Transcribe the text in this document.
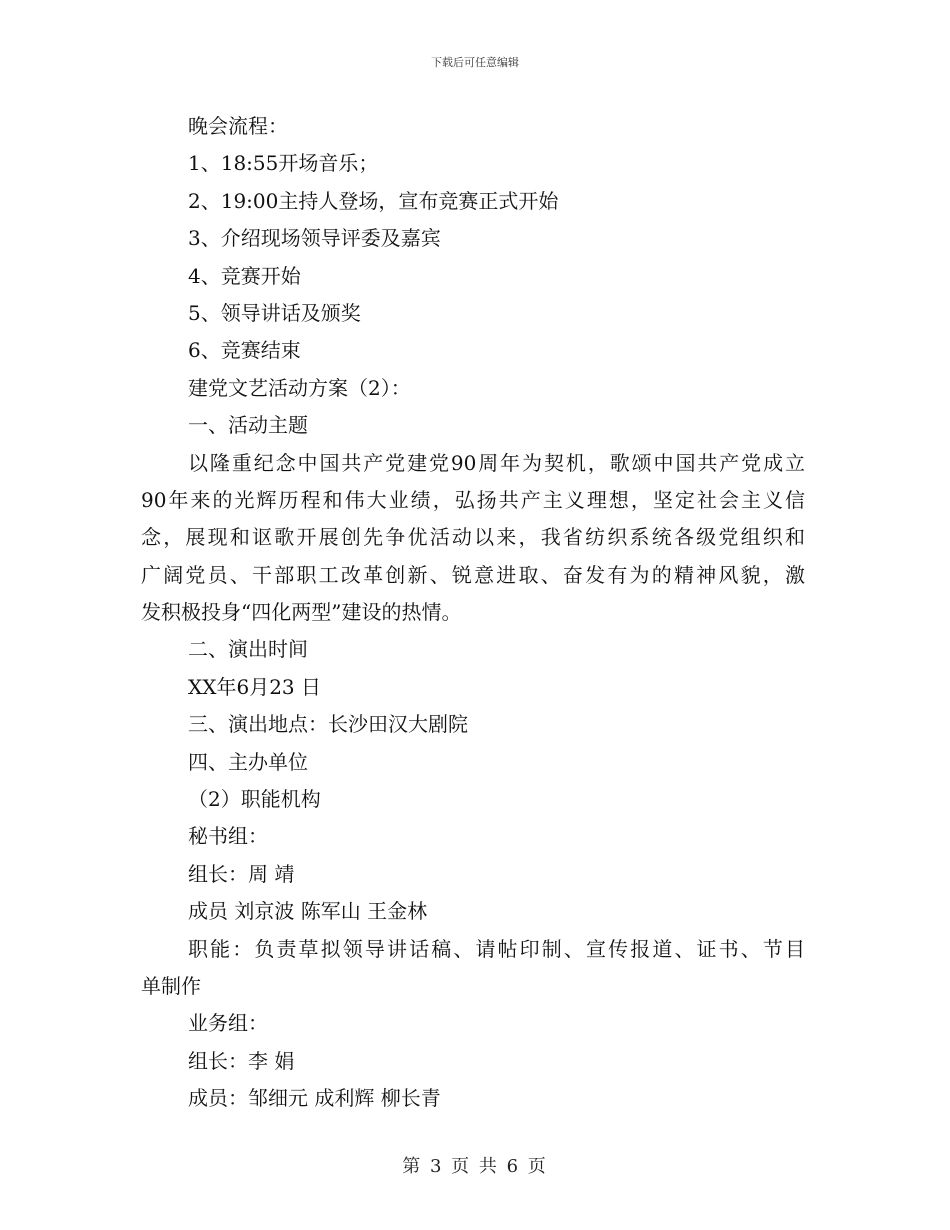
下载后可任意编辑
晚会流程：
1、18:55开场音乐；
2、19:00主持人登场，宣布竞赛正式开始
3、介绍现场领导评委及嘉宾
4、竞赛开始
5、领导讲话及颁奖
6、竞赛结束
建党文艺活动方案（2）：
一、活动主题
以隆重纪念中国共产党建党90周年为契机，歌颂中国共产党成立
90年来的光辉历程和伟大业绩，弘扬共产主义理想，坚定社会主义信
念，展现和讴歌开展创先争优活动以来，我省纺织系统各级党组织和
广阔党员、干部职工改革创新、锐意进取、奋发有为的精神风貌，激
发积极投身“四化两型”建设的热情。
二、演出时间
XX年6月23 日
三、演出地点：长沙田汉大剧院
四、主办单位
（2）职能机构
秘书组：
组长：周 靖
成员 刘京波 陈军山 王金林
职能：负责草拟领导讲话稿、请帖印制、宣传报道、证书、节目
单制作
业务组：
组长：李 娟
成员：邹细元 成利辉 柳长青
第 3 页 共 6 页
